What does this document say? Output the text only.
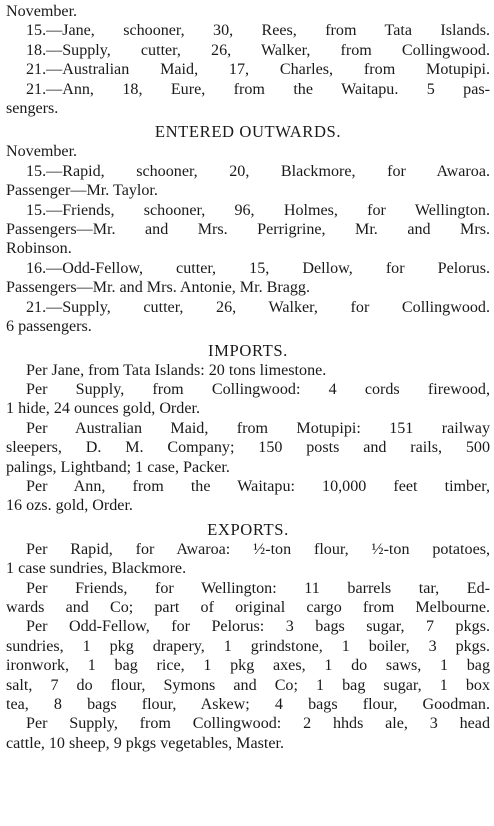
November.
15.—Jane, schooner, 30, Rees, from Tata Islands.
18.—Supply, cutter, 26, Walker, from Collingwood.
21.—Australian Maid, 17, Charles, from Motupipi.
21.—Ann, 18, Eure, from the Waitapu. 5 pas-
sengers.
ENTERED OUTWARDS.
November.
15.—Rapid, schooner, 20, Blackmore, for Awaroa.
Passenger—Mr. Taylor.
15.—Friends, schooner, 96, Holmes, for Wellington.
Passengers—Mr. and Mrs. Perrigrine, Mr. and Mrs.
Robinson.
16.—Odd-Fellow, cutter, 15, Dellow, for Pelorus.
Passengers—Mr. and Mrs. Antonie, Mr. Bragg.
21.—Supply, cutter, 26, Walker, for Collingwood.
6 passengers.
IMPORTS.
Per Jane, from Tata Islands: 20 tons limestone.
Per Supply, from Collingwood: 4 cords firewood,
1 hide, 24 ounces gold, Order.
Per Australian Maid, from Motupipi: 151 railway
sleepers, D. M. Company; 150 posts and rails, 500
palings, Lightband; 1 case, Packer.
Per Ann, from the Waitapu: 10,000 feet timber,
16 ozs. gold, Order.
EXPORTS.
Per Rapid, for Awaroa: ½-ton flour, ½-ton potatoes,
1 case sundries, Blackmore.
Per Friends, for Wellington: 11 barrels tar, Ed-
wards and Co; part of original cargo from Melbourne.
Per Odd-Fellow, for Pelorus: 3 bags sugar, 7 pkgs.
sundries, 1 pkg drapery, 1 grindstone, 1 boiler, 3 pkgs.
ironwork, 1 bag rice, 1 pkg axes, 1 do saws, 1 bag
salt, 7 do flour, Symons and Co; 1 bag sugar, 1 box
tea, 8 bags flour, Askew; 4 bags flour, Goodman.
Per Supply, from Collingwood: 2 hhds ale, 3 head
cattle, 10 sheep, 9 pkgs vegetables, Master.
